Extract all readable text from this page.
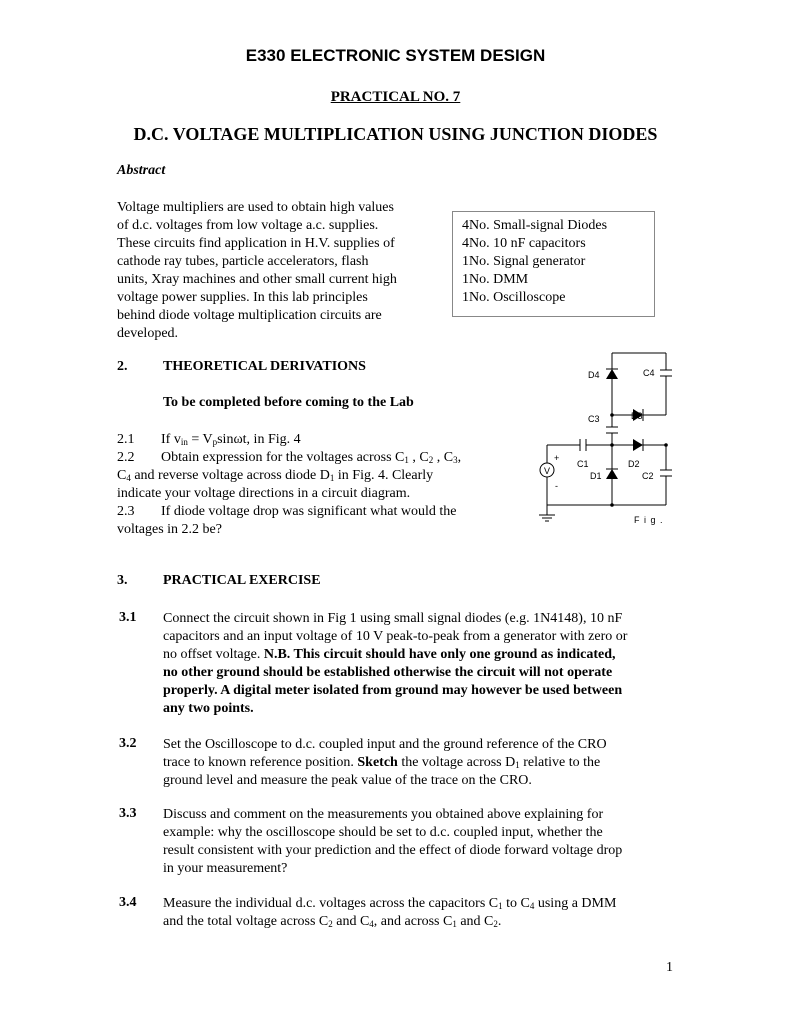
E330 ELECTRONIC SYSTEM DESIGN
PRACTICAL NO. 7
D.C. VOLTAGE MULTIPLICATION USING JUNCTION DIODES
Abstract
Voltage multipliers are used to obtain high values of d.c. voltages from low voltage a.c. supplies. These circuits find application in H.V. supplies of cathode ray tubes, particle accelerators, flash units, Xray machines and other small current high voltage power supplies. In this lab principles behind diode voltage multiplication circuits are developed.
4No. Small-signal Diodes
4No. 10 nF capacitors
1No. Signal generator
1No. DMM
1No. Oscilloscope
2.	THEORETICAL DERIVATIONS
To be completed before coming to the Lab
2.1 If $v_{in} = V_p\sin\omega t$, in Fig. 4
2.2 Obtain expression for the voltages across $C_1$ , $C_2$ , $C_3$,
$C_4$ and reverse voltage across diode $D_1$ in Fig. 4. Clearly
indicate your voltage directions in a circuit diagram.
2.3 If diode voltage drop was significant what would the
voltages in 2.2 be?
D4	C4
C3	D3
C1	D2
D1	C2
V
+
-
F i g .
3.	PRACTICAL EXERCISE
3.1 Connect the circuit shown in Fig 1 using small signal diodes (e.g. 1N4148), 10 nF
capacitors and an input voltage of 10 V peak-to-peak from a generator with zero or
no offset voltage. N.B. This circuit should have only one ground as indicated,
no other ground should be established otherwise the circuit will not operate
properly. A digital meter isolated from ground may however be used between
any two points.
3.2 Set the Oscilloscope to d.c. coupled input and the ground reference of the CRO
trace to known reference position. Sketch the voltage across $D_1$ relative to the
ground level and measure the peak value of the trace on the CRO.
3.3 Discuss and comment on the measurements you obtained above explaining for
example: why the oscilloscope should be set to d.c. coupled input, whether the
result consistent with your prediction and the effect of diode forward voltage drop
in your measurement?
3.4 Measure the individual d.c. voltages across the capacitors $C_1$ to $C_4$ using a DMM
and the total voltage across $C_2$ and $C_4$, and across $C_1$ and $C_2$.
1
